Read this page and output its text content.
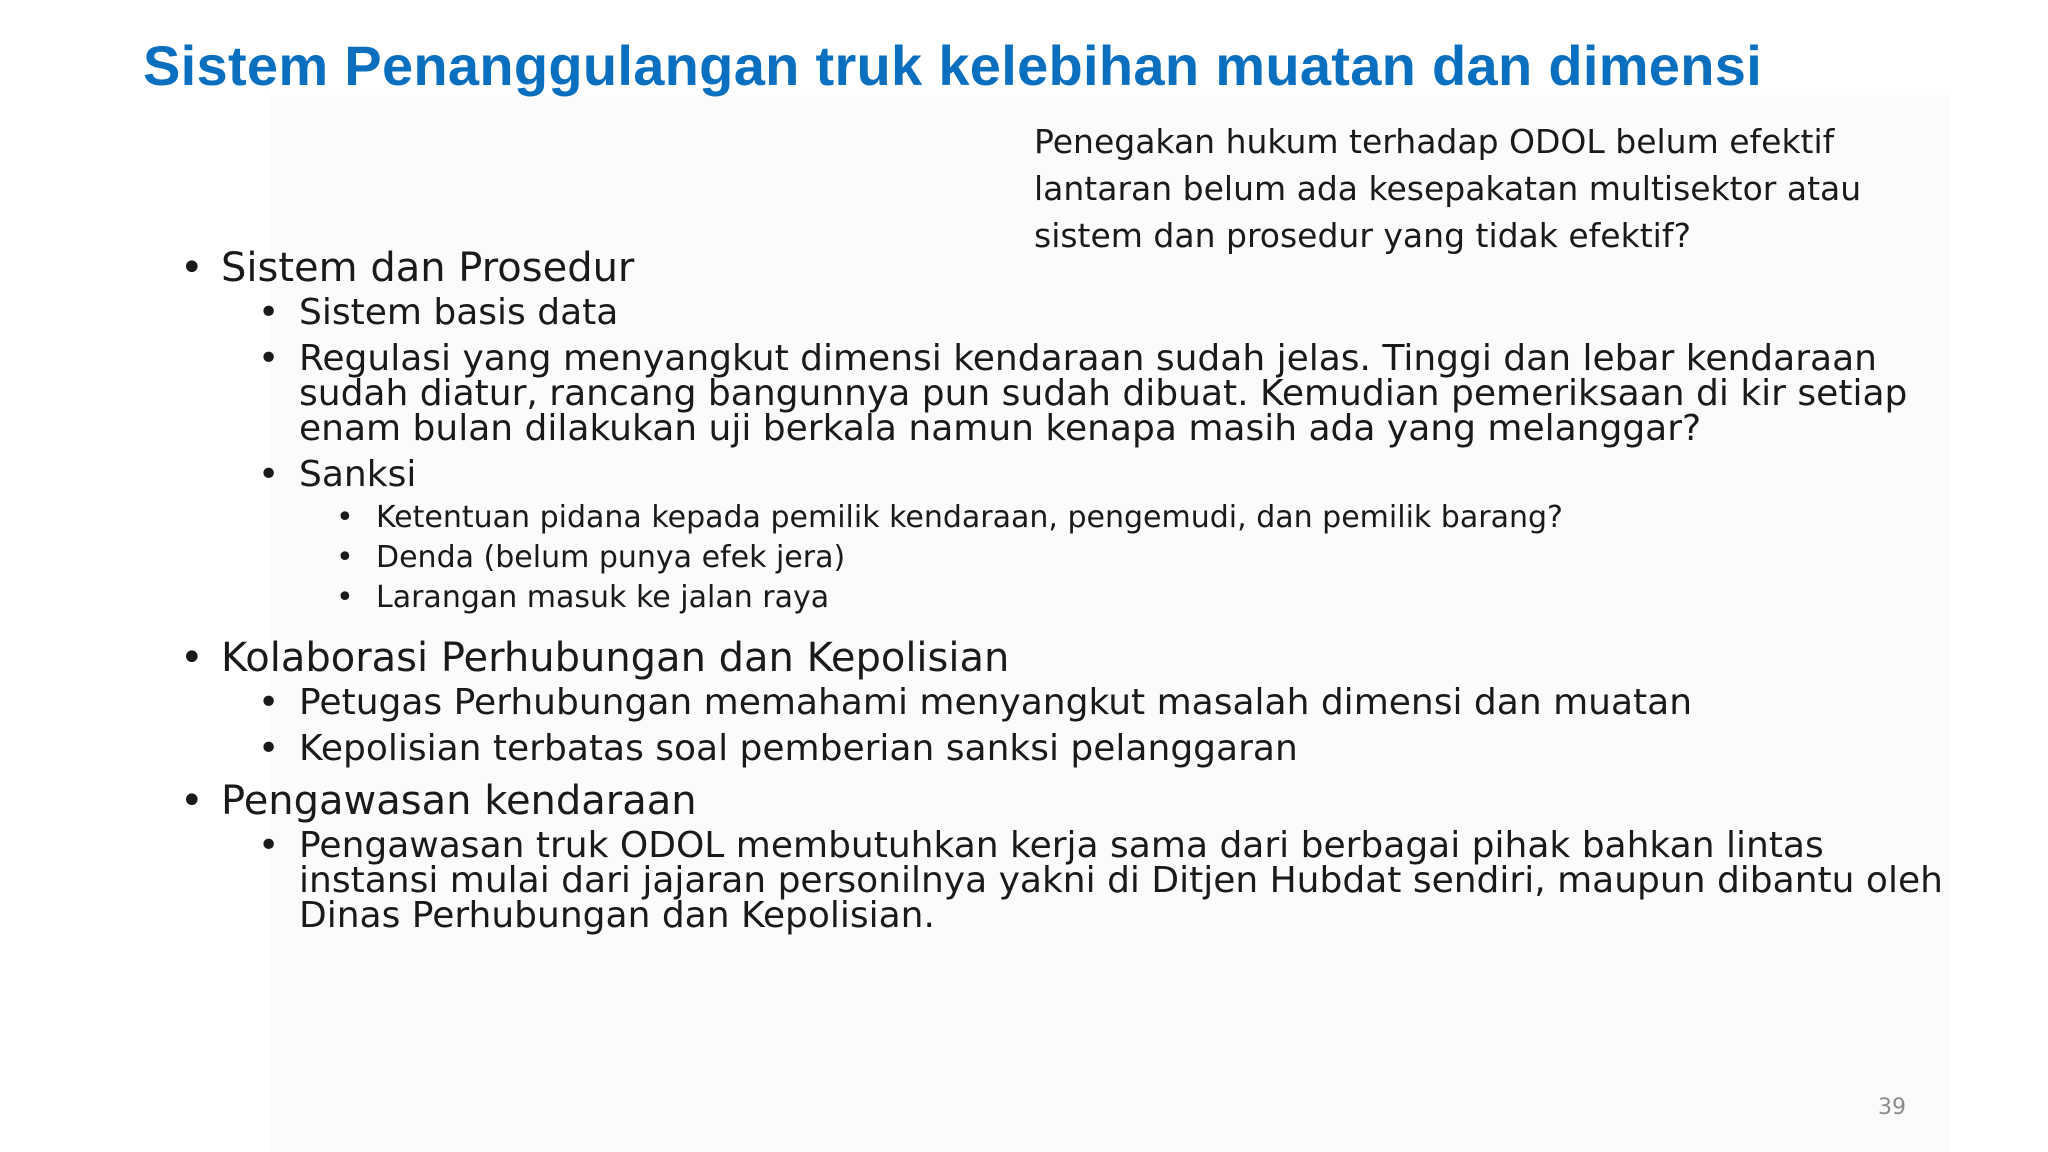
Sistem Penanggulangan truk kelebihan muatan dan dimensi
Penegakan hukum terhadap ODOL belum efektif lantaran belum ada kesepakatan multisektor atau sistem dan prosedur yang tidak efektif?
• Sistem dan Prosedur
• Sistem basis data
• Regulasi yang menyangkut dimensi kendaraan sudah jelas. Tinggi dan lebar kendaraan sudah diatur, rancang bangunnya pun sudah dibuat. Kemudian pemeriksaan di kir setiap enam bulan dilakukan uji berkala namun kenapa masih ada yang melanggar?
• Sanksi
• Ketentuan pidana kepada pemilik kendaraan, pengemudi, dan pemilik barang?
• Denda (belum punya efek jera)
• Larangan masuk ke jalan raya
• Kolaborasi Perhubungan dan Kepolisian
• Petugas Perhubungan memahami menyangkut masalah dimensi dan muatan
• Kepolisian terbatas soal pemberian sanksi pelanggaran
• Pengawasan kendaraan
• Pengawasan truk ODOL membutuhkan kerja sama dari berbagai pihak bahkan lintas instansi mulai dari jajaran personilnya yakni di Ditjen Hubdat sendiri, maupun dibantu oleh Dinas Perhubungan dan Kepolisian.
39
